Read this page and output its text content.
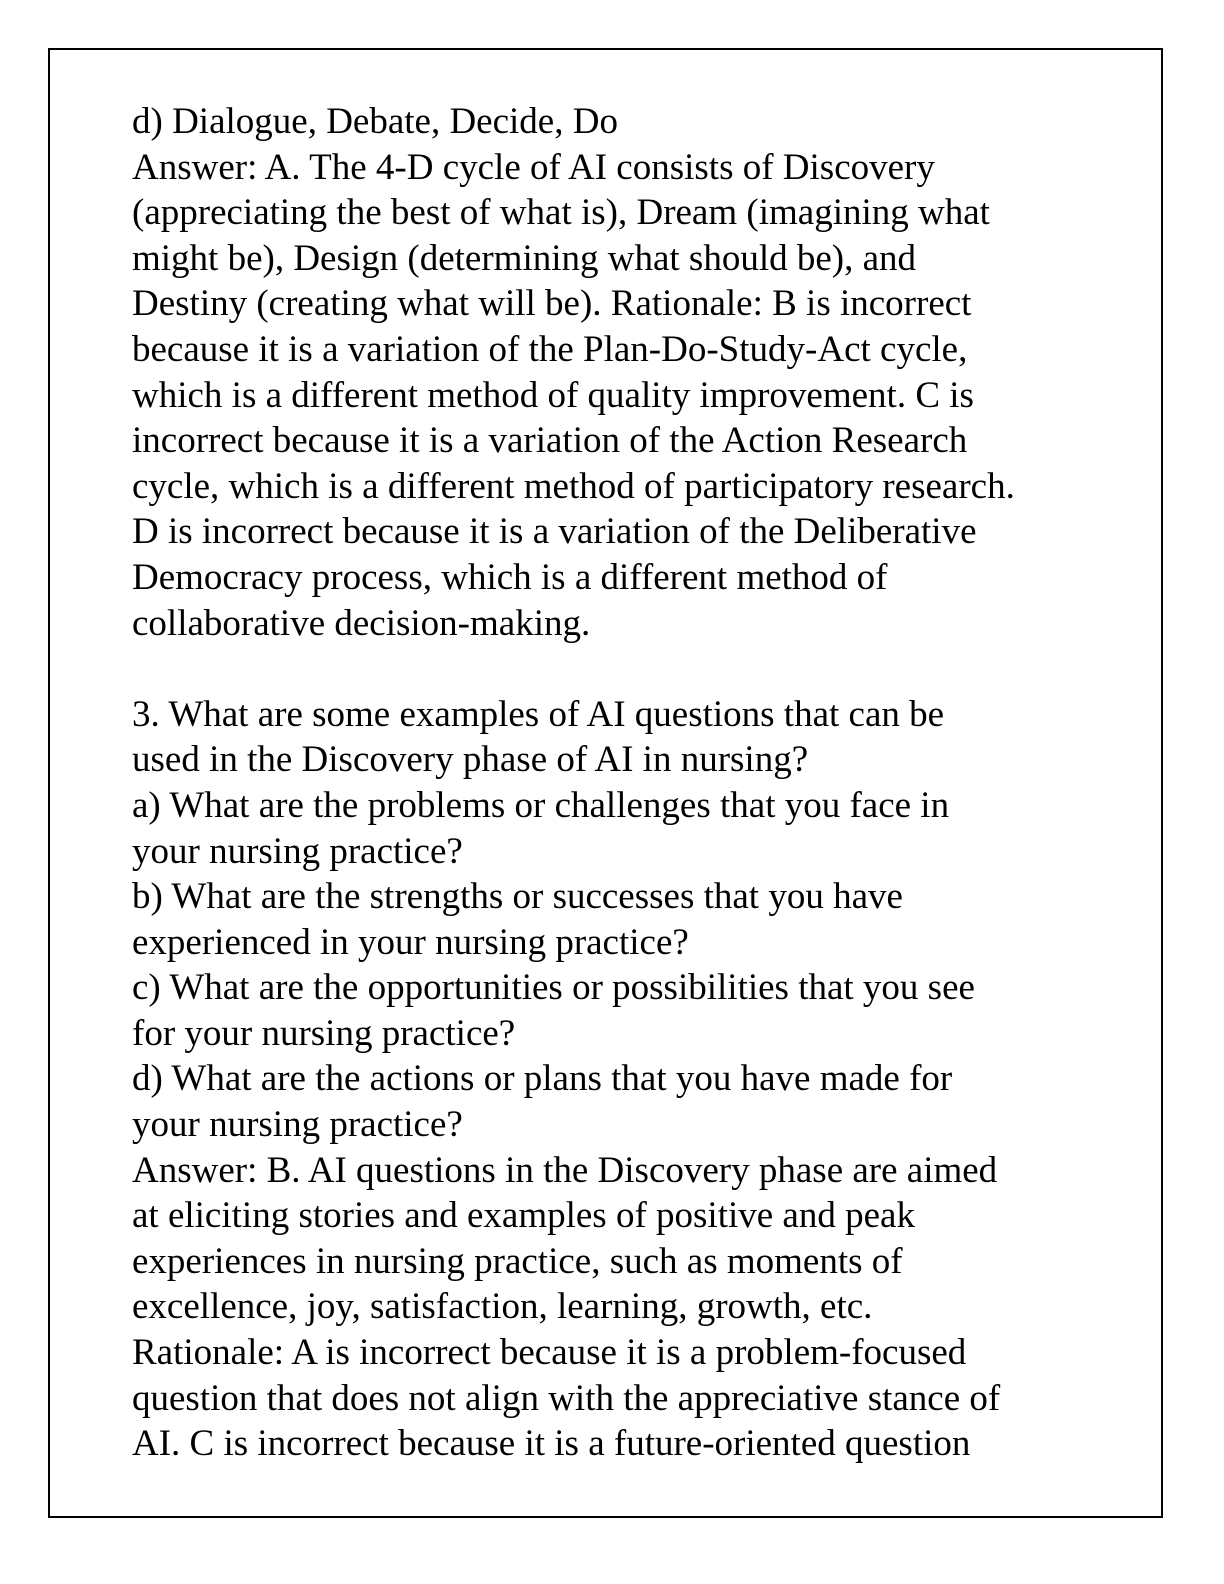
d) Dialogue, Debate, Decide, Do
Answer: A. The 4-D cycle of AI consists of Discovery
(appreciating the best of what is), Dream (imagining what
might be), Design (determining what should be), and
Destiny (creating what will be). Rationale: B is incorrect
because it is a variation of the Plan-Do-Study-Act cycle,
which is a different method of quality improvement. C is
incorrect because it is a variation of the Action Research
cycle, which is a different method of participatory research.
D is incorrect because it is a variation of the Deliberative
Democracy process, which is a different method of
collaborative decision-making.
3. What are some examples of AI questions that can be
used in the Discovery phase of AI in nursing?
a) What are the problems or challenges that you face in
your nursing practice?
b) What are the strengths or successes that you have
experienced in your nursing practice?
c) What are the opportunities or possibilities that you see
for your nursing practice?
d) What are the actions or plans that you have made for
your nursing practice?
Answer: B. AI questions in the Discovery phase are aimed
at eliciting stories and examples of positive and peak
experiences in nursing practice, such as moments of
excellence, joy, satisfaction, learning, growth, etc.
Rationale: A is incorrect because it is a problem-focused
question that does not align with the appreciative stance of
AI. C is incorrect because it is a future-oriented question
